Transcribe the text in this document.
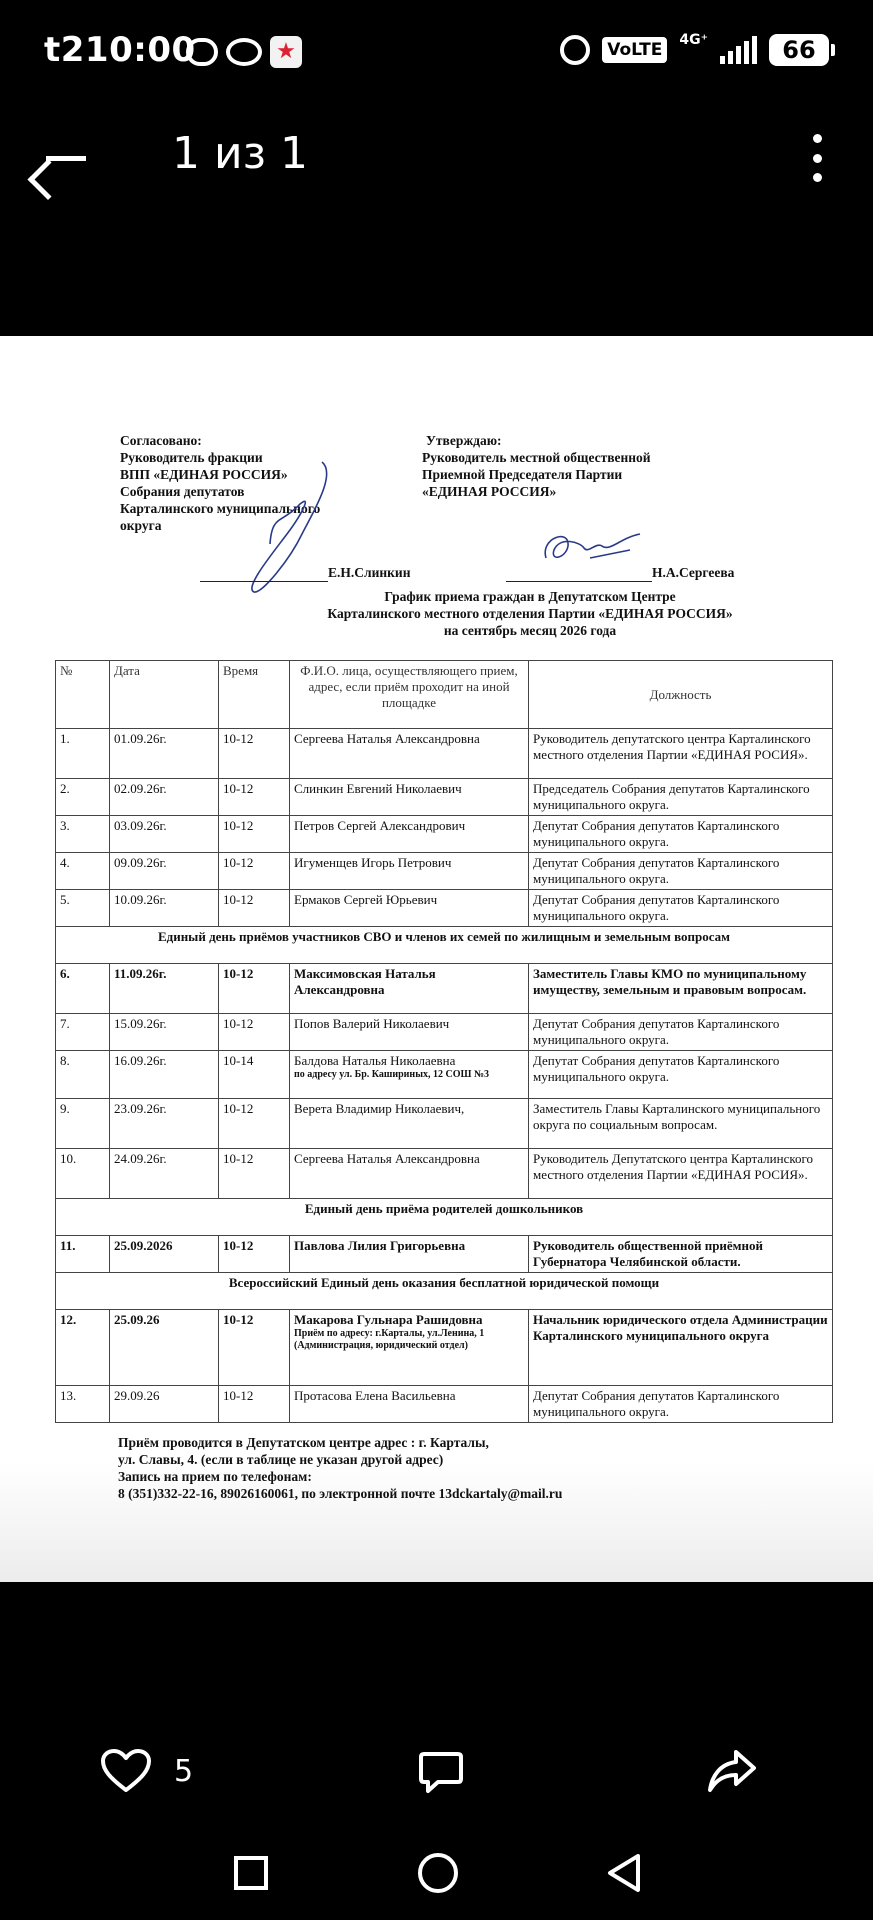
t210:00	★	VoLTE	4G⁺	66
1 из 1
Согласовано:
Руководитель фракции
ВПП «ЕДИНАЯ РОССИЯ»
Собрания депутатов
Карталинского муниципального
округа
Утверждаю:
Руководитель местной общественной
Приемной Председателя Партии
«ЕДИНАЯ РОССИЯ»
Е.Н.Слинкин	Н.А.Сергеева
График приема граждан в Депутатском Центре
Карталинского местного отделения Партии «ЕДИНАЯ РОССИЯ»
на сентябрь месяц 2026 года
№	Дата	Время	Ф.И.О. лица, осуществляющего прием, адрес, если приём проходит на иной площадке	Должность
1.	01.09.26г.	10-12	Сергеева Наталья Александровна	Руководитель депутатского центра Карталинского местного отделения Партии «ЕДИНАЯ РОСИЯ».
2.	02.09.26г.	10-12	Слинкин Евгений Николаевич	Председатель Собрания депутатов Карталинского муниципального округа.
3.	03.09.26г.	10-12	Петров Сергей Александрович	Депутат Собрания депутатов Карталинского муниципального округа.
4.	09.09.26г.	10-12	Игуменщев Игорь Петрович	Депутат Собрания депутатов Карталинского муниципального округа.
5.	10.09.26г.	10-12	Ермаков Сергей Юрьевич	Депутат Собрания депутатов Карталинского муниципального округа.
Единый день приёмов участников СВО и членов их семей по жилищным и земельным вопросам				
6.	11.09.26г.	10-12	Максимовская Наталья Александровна	Заместитель Главы КМО по муниципальному имуществу, земельным и правовым вопросам.
7.	15.09.26г.	10-12	Попов Валерий Николаевич	Депутат Собрания депутатов Карталинского муниципального округа.
8.	16.09.26г.	10-14	Балдова Наталья Николаевна
по адресу ул. Бр. Кашириных, 12 СОШ №3	Депутат Собрания депутатов Карталинского муниципального округа.
9.	23.09.26г.	10-12	Верета Владимир Николаевич,	Заместитель Главы Карталинского муниципального округа по социальным вопросам.
10.	24.09.26г.	10-12	Сергеева Наталья Александровна	Руководитель Депутатского центра Карталинского местного отделения Партии «ЕДИНАЯ РОСИЯ».
Единый день приёма родителей дошкольников				
11.	25.09.2026	10-12	Павлова Лилия Григорьевна	Руководитель общественной приёмной Губернатора Челябинской области.
Всероссийский Единый день оказания бесплатной юридической помощи				
12.	25.09.26	10-12	Макарова Гульнара Рашидовна
Приём по адресу: г.Карталы, ул.Ленина, 1 (Администрация, юридический отдел)	Начальник юридического отдела Администрации Карталинского муниципального округа
13.	29.09.26	10-12	Протасова Елена Васильевна	Депутат Собрания депутатов Карталинского муниципального округа.
Приём проводится в Депутатском центре адрес : г. Карталы,
ул. Славы, 4. (если в таблице не указан другой адрес)
Запись на прием по телефонам:
8 (351)332-22-16, 89026160061, по электронной почте 13dckartaly@mail.ru
5
